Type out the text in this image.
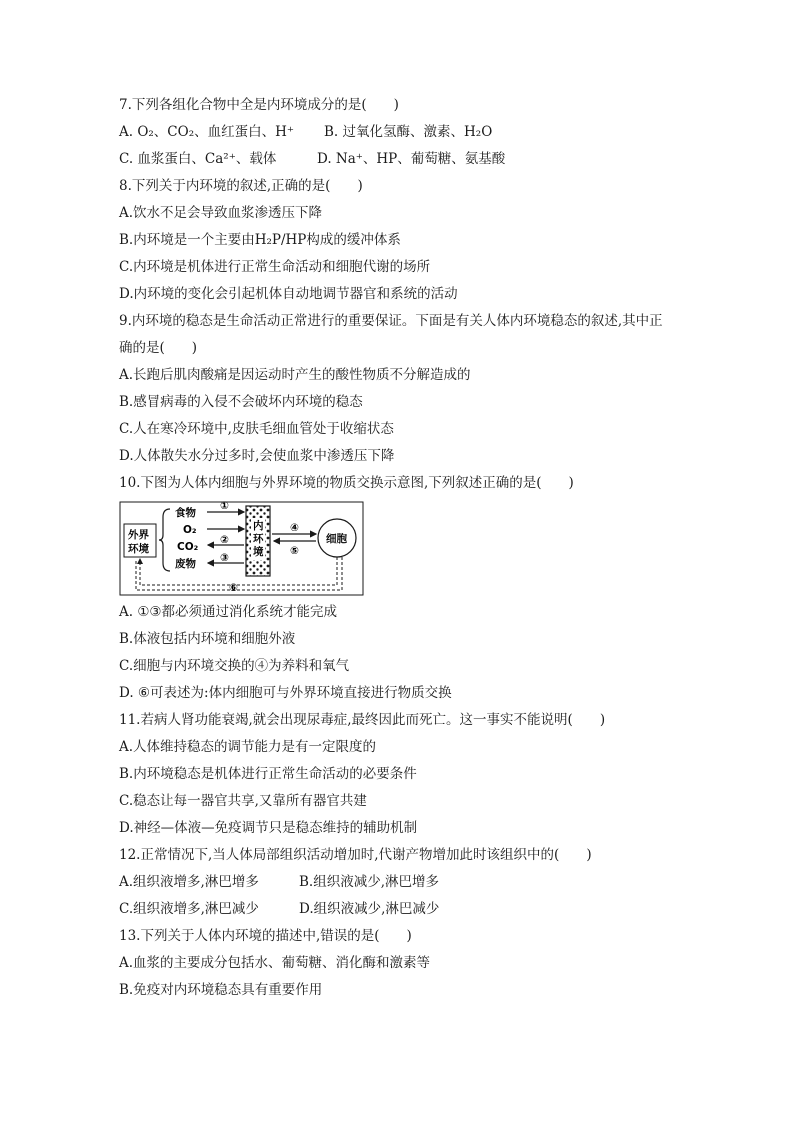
7.下列各组化合物中全是内环境成分的是(　　)
A. O₂、CO₂、血红蛋白、H⁺ B. 过氧化氢酶、激素、H₂O
C. 血浆蛋白、Ca²⁺、载体	D. Na⁺、HP、葡萄糖、氨基酸
8.下列关于内环境的叙述,正确的是(　　)
A.饮水不足会导致血浆渗透压下降
B.内环境是一个主要由H₂P/HP构成的缓冲体系
C.内环境是机体进行正常生命活动和细胞代谢的场所
D.内环境的变化会引起机体自动地调节器官和系统的活动
9.内环境的稳态是生命活动正常进行的重要保证。下面是有关人体内环境稳态的叙述,其中正
确的是(　　)
A.长跑后肌肉酸痛是因运动时产生的酸性物质不分解造成的
B.感冒病毒的入侵不会破坏内环境的稳态
C.人在寒冷环境中,皮肤毛细血管处于收缩状态
D.人体散失水分过多时,会使血浆中渗透压下降
10.下图为人体内细胞与外界环境的物质交换示意图,下列叙述正确的是(　　)
外界
环境
食物
O₂
CO₂
废物
①
②
③
内
环
境
④
⑤
细胞
⑥
A. ①③都必须通过消化系统才能完成
B.体液包括内环境和细胞外液
C.细胞与内环境交换的④为养料和氧气
D. ⑥可表述为:体内细胞可与外界环境直接进行物质交换
11.若病人肾功能衰竭,就会出现尿毒症,最终因此而死亡。这一事实不能说明(　　)
A.人体维持稳态的调节能力是有一定限度的
B.内环境稳态是机体进行正常生命活动的必要条件
C.稳态让每一器官共享,又靠所有器官共建
D.神经—体液—免疫调节只是稳态维持的辅助机制
12.正常情况下,当人体局部组织活动增加时,代谢产物增加此时该组织中的(　　)
A.组织液增多,淋巴增多	B.组织液减少,淋巴增多
C.组织液增多,淋巴减少	D.组织液减少,淋巴减少
13.下列关于人体内环境的描述中,错误的是(　　)
A.血浆的主要成分包括水、葡萄糖、消化酶和激素等
B.免疫对内环境稳态具有重要作用
